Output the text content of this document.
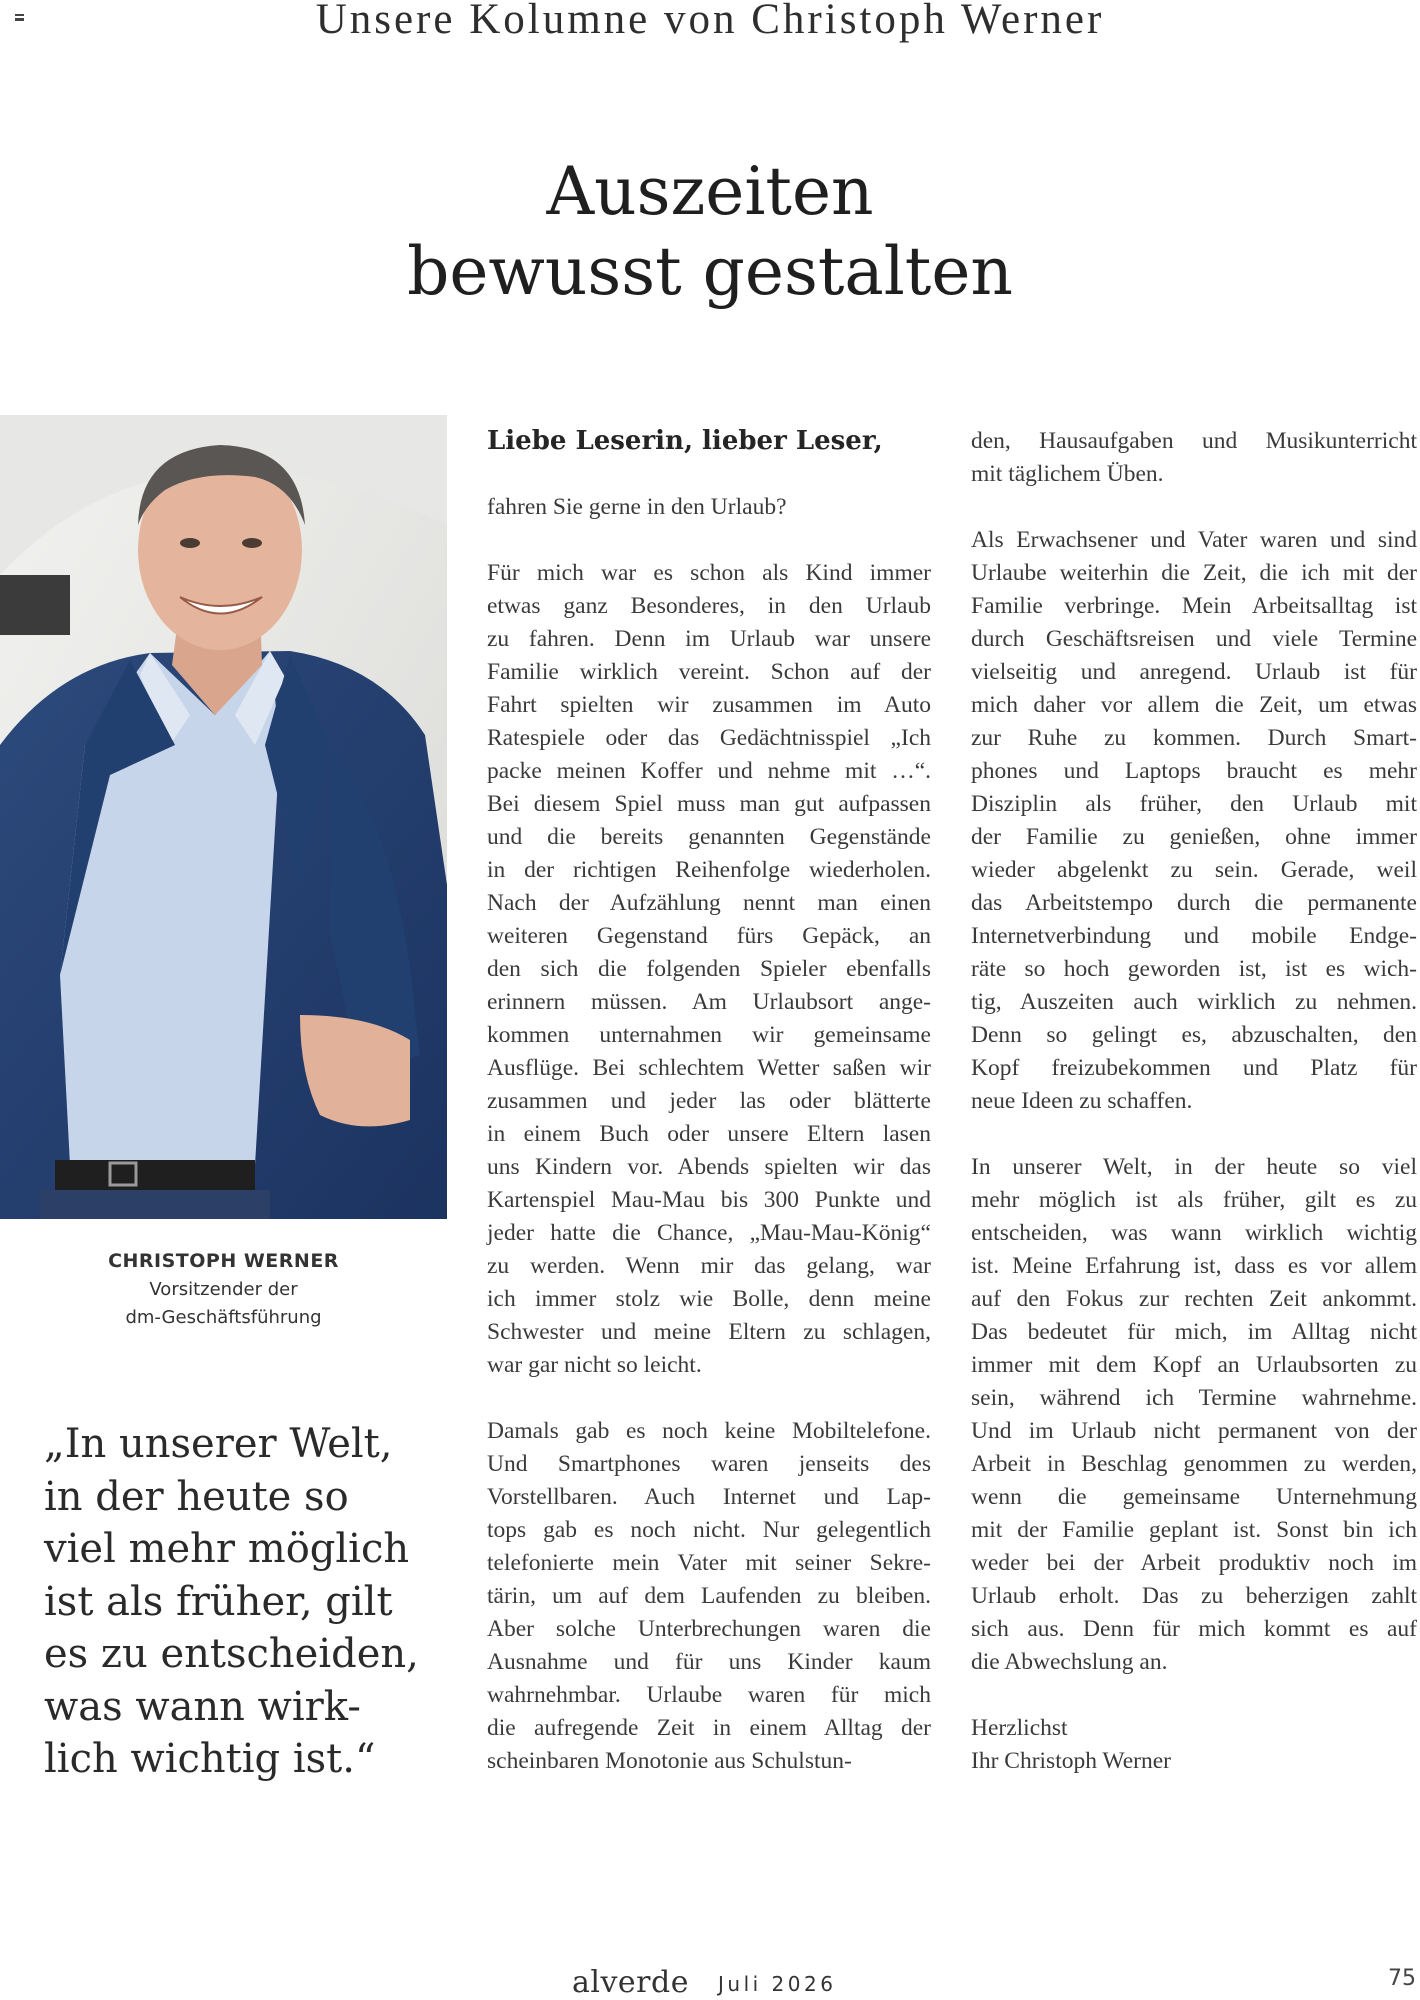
Unsere Kolumne von Christoph Werner
Auszeiten
bewusst gestalten
CHRISTOPH WERNER
Vorsitzender der
dm-Geschäftsführung
„In unserer Welt,
in der heute so
viel mehr möglich
ist als früher, gilt
es zu entscheiden,
was wann wirk-
lich wichtig ist.“
Liebe Leserin, lieber Leser,
fahren Sie gerne in den Urlaub?
Für mich war es schon als Kind immer
etwas ganz Besonderes, in den Urlaub
zu fahren. Denn im Urlaub war unsere
Familie wirklich vereint. Schon auf der
Fahrt spielten wir zusammen im Auto
Ratespiele oder das Gedächtnisspiel „Ich
packe meinen Koffer und nehme mit …“.
Bei diesem Spiel muss man gut aufpassen
und die bereits genannten Gegenstände
in der richtigen Reihenfolge wiederholen.
Nach der Aufzählung nennt man einen
weiteren Gegenstand fürs Gepäck, an
den sich die folgenden Spieler ebenfalls
erinnern müssen. Am Urlaubsort ange-
kommen unternahmen wir gemeinsame
Ausflüge. Bei schlechtem Wetter saßen wir
zusammen und jeder las oder blätterte
in einem Buch oder unsere Eltern lasen
uns Kindern vor. Abends spielten wir das
Kartenspiel Mau-Mau bis 300 Punkte und
jeder hatte die Chance, „Mau-Mau-König“
zu werden. Wenn mir das gelang, war
ich immer stolz wie Bolle, denn meine
Schwester und meine Eltern zu schlagen,
war gar nicht so leicht.
Damals gab es noch keine Mobiltelefone.
Und Smartphones waren jenseits des
Vorstellbaren. Auch Internet und Lap-
tops gab es noch nicht. Nur gelegentlich
telefonierte mein Vater mit seiner Sekre-
tärin, um auf dem Laufenden zu bleiben.
Aber solche Unterbrechungen waren die
Ausnahme und für uns Kinder kaum
wahrnehmbar. Urlaube waren für mich
die aufregende Zeit in einem Alltag der
scheinbaren Monotonie aus Schulstun-
den, Hausaufgaben und Musikunterricht
mit täglichem Üben.
Als Erwachsener und Vater waren und sind
Urlaube weiterhin die Zeit, die ich mit der
Familie verbringe. Mein Arbeitsalltag ist
durch Geschäftsreisen und viele Termine
vielseitig und anregend. Urlaub ist für
mich daher vor allem die Zeit, um etwas
zur Ruhe zu kommen. Durch Smart-
phones und Laptops braucht es mehr
Disziplin als früher, den Urlaub mit
der Familie zu genießen, ohne immer
wieder abgelenkt zu sein. Gerade, weil
das Arbeitstempo durch die permanente
Internetverbindung und mobile Endge-
räte so hoch geworden ist, ist es wich-
tig, Auszeiten auch wirklich zu nehmen.
Denn so gelingt es, abzuschalten, den
Kopf freizubekommen und Platz für
neue Ideen zu schaffen.
In unserer Welt, in der heute so viel
mehr möglich ist als früher, gilt es zu
entscheiden, was wann wirklich wichtig
ist. Meine Erfahrung ist, dass es vor allem
auf den Fokus zur rechten Zeit ankommt.
Das bedeutet für mich, im Alltag nicht
immer mit dem Kopf an Urlaubsorten zu
sein, während ich Termine wahrnehme.
Und im Urlaub nicht permanent von der
Arbeit in Beschlag genommen zu werden,
wenn die gemeinsame Unternehmung
mit der Familie geplant ist. Sonst bin ich
weder bei der Arbeit produktiv noch im
Urlaub erholt. Das zu beherzigen zahlt
sich aus. Denn für mich kommt es auf
die Abwechslung an.
Herzlichst
Ihr Christoph Werner
alverde Juli 2026	75
